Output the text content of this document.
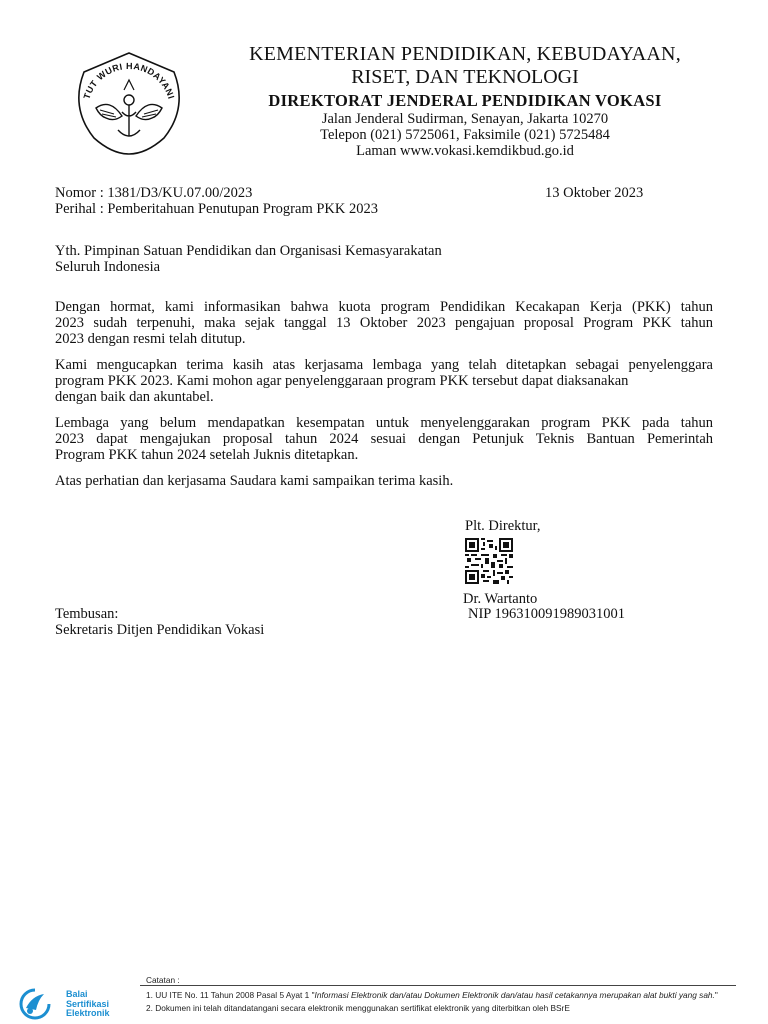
TUT WURI HANDAYANI
KEMENTERIAN PENDIDIKAN, KEBUDAYAAN,
RISET, DAN TEKNOLOGI
DIREKTORAT JENDERAL PENDIDIKAN VOKASI
Jalan Jenderal Sudirman, Senayan, Jakarta 10270
Telepon (021) 5725061, Faksimile (021) 5725484
Laman www.vokasi.kemdikbud.go.id
Nomor : 1381/D3/KU.07.00/2023	13 Oktober 2023
Perihal : Pemberitahuan Penutupan Program PKK 2023
Yth. Pimpinan Satuan Pendidikan dan Organisasi Kemasyarakatan
Seluruh Indonesia
Dengan hormat, kami informasikan bahwa kuota program Pendidikan Kecakapan Kerja (PKK) tahun
2023 sudah terpenuhi, maka sejak tanggal 13 Oktober 2023 pengajuan proposal Program PKK tahun
2023 dengan resmi telah ditutup.
Kami mengucapkan terima kasih atas kerjasama lembaga yang telah ditetapkan sebagai penyelenggara
program PKK 2023. Kami mohon agar penyelenggaraan program PKK tersebut dapat diaksanakan
dengan baik dan akuntabel.
Lembaga yang belum mendapatkan kesempatan untuk menyelenggarakan program PKK pada tahun
2023 dapat mengajukan proposal tahun 2024 sesuai dengan Petunjuk Teknis Bantuan Pemerintah
Program PKK tahun 2024 setelah Juknis ditetapkan.
Atas perhatian dan kerjasama Saudara kami sampaikan terima kasih.
Plt. Direktur,
Dr. Wartanto
NIP 196310091989031001
Tembusan:
Sekretaris Ditjen Pendidikan Vokasi
Balai
Sertifikasi
Elektronik
Catatan :
1. UU ITE No. 11 Tahun 2008 Pasal 5 Ayat 1 "Informasi Elektronik dan/atau Dokumen Elektronik dan/atau hasil cetakannya merupakan alat bukti yang sah."
2. Dokumen ini telah ditandatangani secara elektronik menggunakan sertifikat elektronik yang diterbitkan oleh BSrE
